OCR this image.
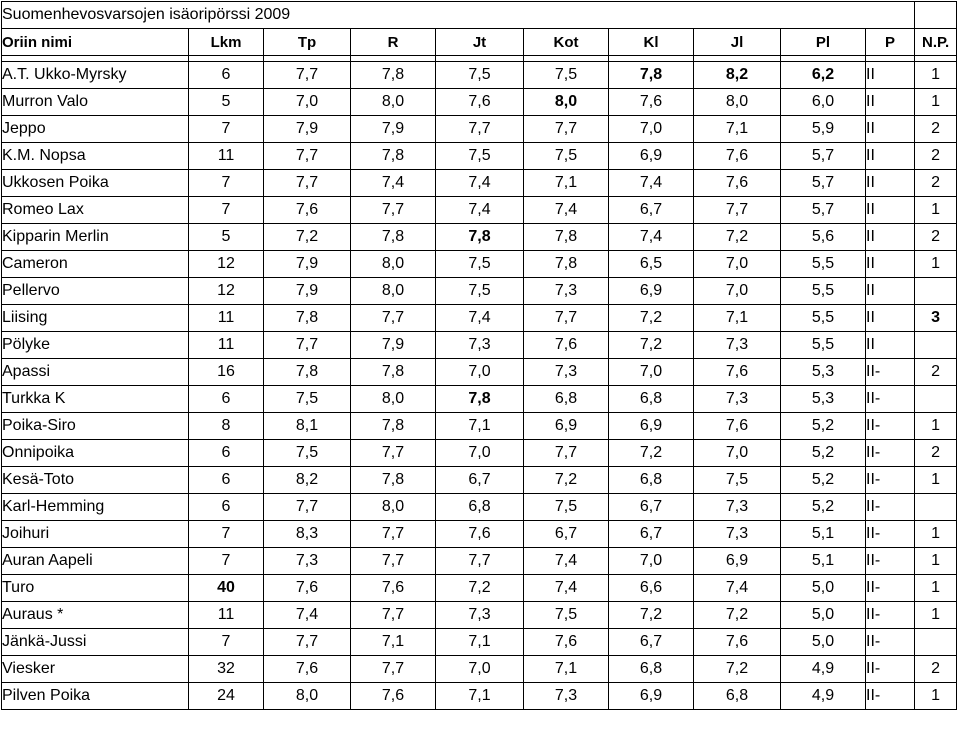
Suomenhevosvarsojen isäoripörssi 2009										
Oriin nimi	Lkm	Tp	R	Jt	Kot	Kl	Jl	Pl	P	N.P.

A.T. Ukko-Myrsky	6	7,7	7,8	7,5	7,5	7,8	8,2	6,2	II	1
Murron Valo	5	7,0	8,0	7,6	8,0	7,6	8,0	6,0	II	1
Jeppo	7	7,9	7,9	7,7	7,7	7,0	7,1	5,9	II	2
K.M. Nopsa	11	7,7	7,8	7,5	7,5	6,9	7,6	5,7	II	2
Ukkosen Poika	7	7,7	7,4	7,4	7,1	7,4	7,6	5,7	II	2
Romeo Lax	7	7,6	7,7	7,4	7,4	6,7	7,7	5,7	II	1
Kipparin Merlin	5	7,2	7,8	7,8	7,8	7,4	7,2	5,6	II	2
Cameron	12	7,9	8,0	7,5	7,8	6,5	7,0	5,5	II	1
Pellervo	12	7,9	8,0	7,5	7,3	6,9	7,0	5,5	II	
Liising	11	7,8	7,7	7,4	7,7	7,2	7,1	5,5	II	3
Pölyke	11	7,7	7,9	7,3	7,6	7,2	7,3	5,5	II	
Apassi	16	7,8	7,8	7,0	7,3	7,0	7,6	5,3	II-	2
Turkka K	6	7,5	8,0	7,8	6,8	6,8	7,3	5,3	II-	
Poika-Siro	8	8,1	7,8	7,1	6,9	6,9	7,6	5,2	II-	1
Onnipoika	6	7,5	7,7	7,0	7,7	7,2	7,0	5,2	II-	2
Kesä-Toto	6	8,2	7,8	6,7	7,2	6,8	7,5	5,2	II-	1
Karl-Hemming	6	7,7	8,0	6,8	7,5	6,7	7,3	5,2	II-	
Joihuri	7	8,3	7,7	7,6	6,7	6,7	7,3	5,1	II-	1
Auran Aapeli	7	7,3	7,7	7,7	7,4	7,0	6,9	5,1	II-	1
Turo	40	7,6	7,6	7,2	7,4	6,6	7,4	5,0	II-	1
Auraus *	11	7,4	7,7	7,3	7,5	7,2	7,2	5,0	II-	1
Jänkä-Jussi	7	7,7	7,1	7,1	7,6	6,7	7,6	5,0	II-	
Viesker	32	7,6	7,7	7,0	7,1	6,8	7,2	4,9	II-	2
Pilven Poika	24	8,0	7,6	7,1	7,3	6,9	6,8	4,9	II-	1
